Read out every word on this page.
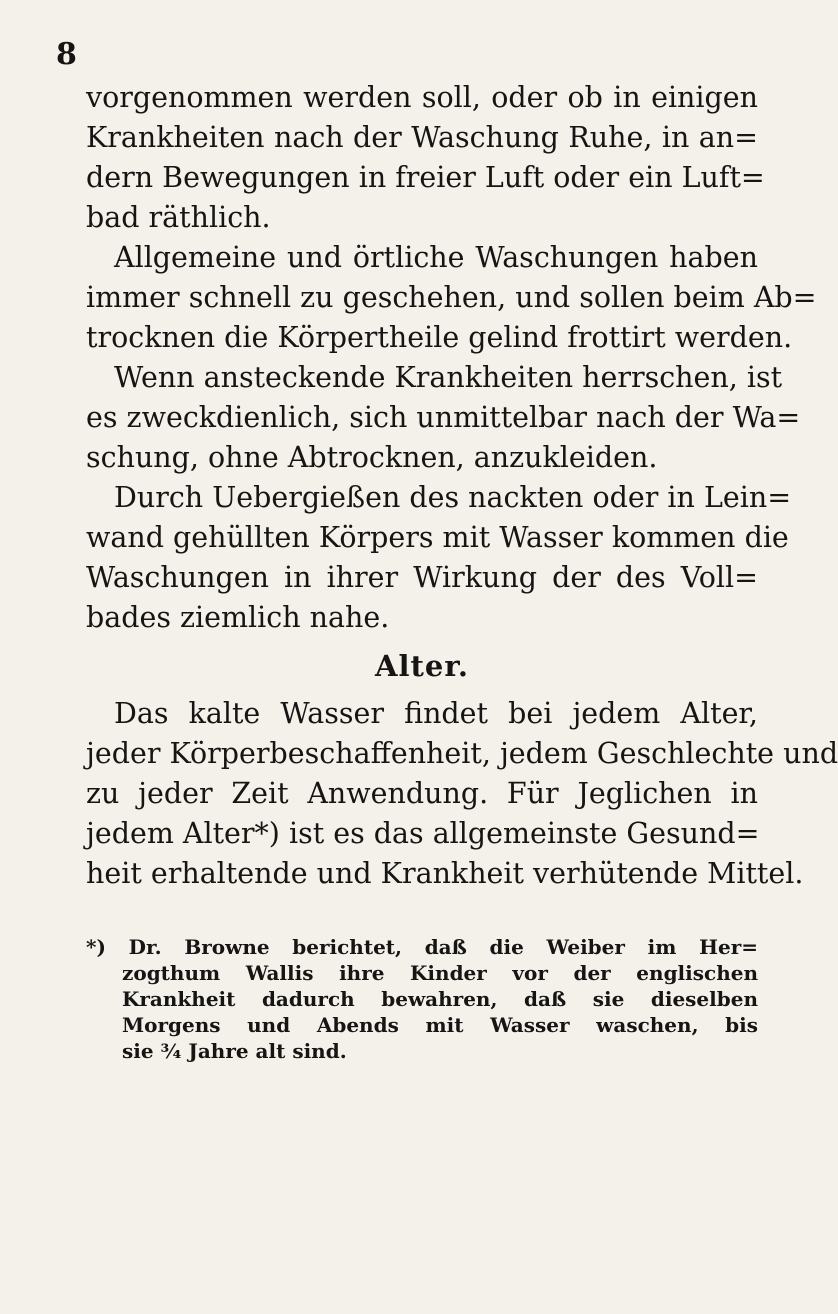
8
vorgenommen werden soll, oder ob in einigen
Krankheiten nach der Waschung Ruhe, in an=
dern Bewegungen in freier Luft oder ein Luft=
bad räthlich.
Allgemeine und örtliche Waschungen haben
immer schnell zu geschehen, und sollen beim Ab=
trocknen die Körpertheile gelind frottirt werden.
Wenn ansteckende Krankheiten herrschen, ist
es zweckdienlich, sich unmittelbar nach der Wa=
schung, ohne Abtrocknen, anzukleiden.
Durch Uebergießen des nackten oder in Lein=
wand gehüllten Körpers mit Wasser kommen die
Waschungen in ihrer Wirkung der des Voll=
bades ziemlich nahe.
Alter.
Das kalte Wasser findet bei jedem Alter,
jeder Körperbeschaffenheit, jedem Geschlechte und
zu jeder Zeit Anwendung. Für Jeglichen in
jedem Alter*) ist es das allgemeinste Gesund=
heit erhaltende und Krankheit verhütende Mittel.
*) Dr. Browne berichtet, daß die Weiber im Her=
zogthum Wallis ihre Kinder vor der englischen
Krankheit dadurch bewahren, daß sie dieselben
Morgens und Abends mit Wasser waschen, bis
sie ¾ Jahre alt sind.
